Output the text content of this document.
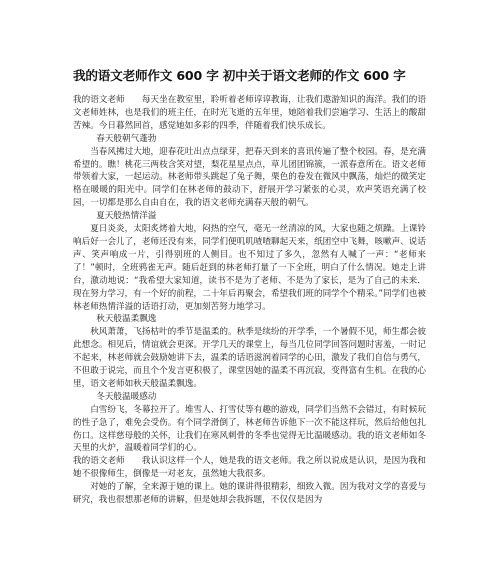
我的语文老师作文 600 字 初中关于语文老师的作文 600 字

我的语文老师　　每天坐在教室里，聆听着老师谆谆教诲，让我们遨游知识的海洋。我们的语文老师姓林，也是我们的班主任，在时光飞逝的五年里，她陪着我们尝遍学习、生活上的酸甜苦辣。今日暮然回首，感觉她如多彩的四季，伴随着我们快乐成长。

春天般朝气蓬勃

当春风拂过大地，迎春花吐出点点绿芽，把春天到来的喜讯传遍了整个校园。春，是充满希望的。瞧！桃花三两枝含笑对望，梨花星星点点，草儿团团锦簇，一派春意所在。语文老师带领着大家，一起运动。林老师带头跳起了兔子舞，栗色的卷发在微风中飘荡，灿烂的微笑定格在暖暖的阳光中。同学们在林老师的鼓动下，舒展开学习紧张的心灵，欢声笑语充满了校园，一切都是那么自由自在，我的语文老师充满春天般的朝气。

夏天般热情洋溢

夏日炎炎，太阳炙烤着大地，闷热的空气，毫无一丝清凉的风，大家也随之烦躁。上课铃响后好一会儿了，老师还没有来，同学们便叽叽喳喳聊起天来，纸团空中飞舞，咳嗽声、说话声、笑声响成一片，引得别班的人侧目。也不知过了多久，忽然有人喊了一声：“老师来了！”顿时，全班鸦雀无声。随后赶到的林老师打量了一下全班，明白了什么情况。她走上讲台，激动地说：“我希望大家知道，读书不是为了老师、不是为了家长，是为了自己的未来．现在努力学习，有一个好的前程，二十年后再聚会，希望我们班的同学个个精采。”同学们也被林老师热情洋溢的话语打动，更加刻苦努力地学习。

秋天般温柔飘逸

秋风萧萧，飞扬枯叶的季节是温柔的。秋季是续纷的开学季，一个暑假不见，师生都会彼此想念。相见后，情谊就会更深。开学几天的课堂上，每当几位同学回答问题时害羞，一时记不起来，林老师就会鼓励她讲下去，温柔的话语滋润着同学的心田，激发了我们自信与勇气，不但敢于说完，而且个个发言更积极了，课堂因她的温柔不再沉寂，变得富有生机。在我的心里，语文老师如秋天般温柔飘逸。

冬天般温暖感动

白雪纷飞，冬幕拉开了。堆雪人、打雪仗等有趣的游戏，同学们当然不会错过，有时候玩的性子急了，难免会受伤。有个同学滑倒了，林老师告诉他下一次不能这样玩，然后给他包扎伤口。这样慈母般的关怀，让我们在寒风刺骨的冬季也觉得无比温暖感动。我的语文老师如冬天里的火炉，温暖着同学们的心。

我的语文老师　　我认识这样一个人，她是我的语文老师。我之所以说成是认识，是因为我和她不很像师生，倒像是一对老友，虽然她大我很多。

对她的了解，全来源于她的课上。她的课讲得很精彩，细致入微。因为我对文学的喜爱与研究，我也很想那老师的讲解，但是她却会我拆题，不仅仅是因为
